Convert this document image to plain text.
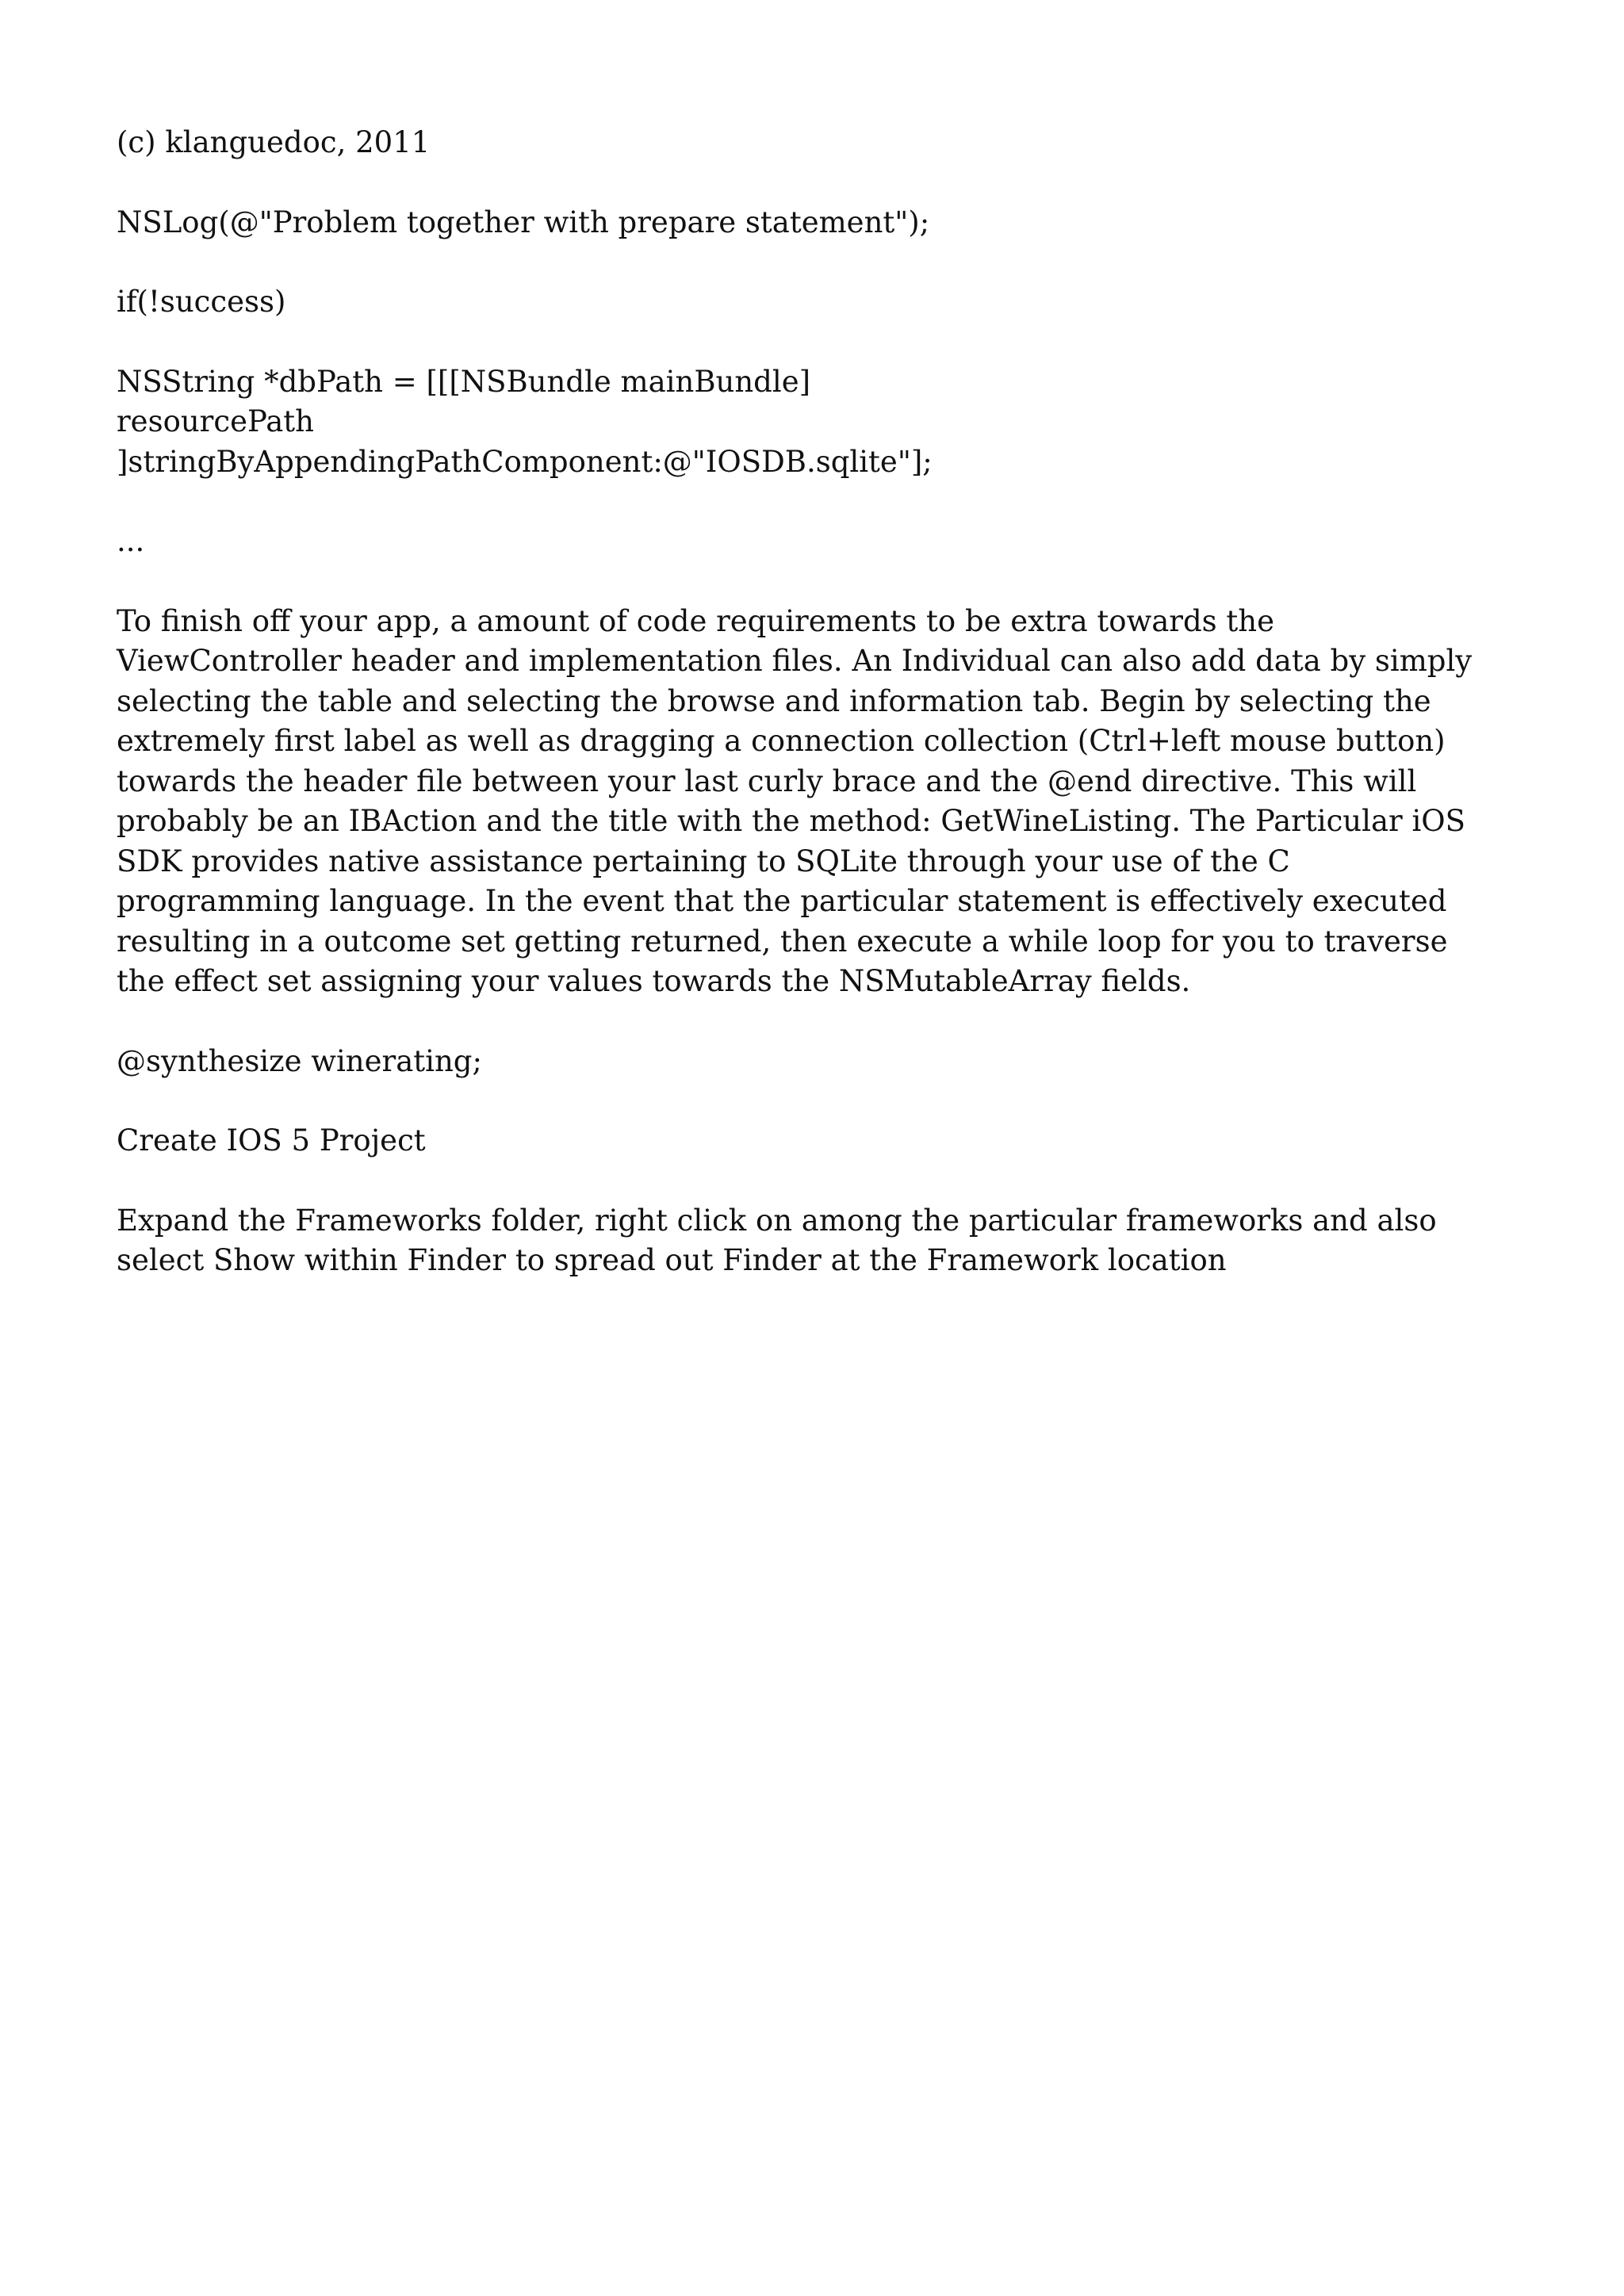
(c) klanguedoc, 2011

NSLog(@"Problem together with prepare statement");

if(!success)

NSString *dbPath = [[[NSBundle mainBundle] resourcePath ]stringByAppendingPathComponent:@"IOSDB.sqlite"];

...

To finish off your app, a amount of code requirements to be extra towards the ViewController header and implementation files. An Individual can also add data by simply selecting the table and selecting the browse and information tab. Begin by selecting the extremely first label as well as dragging a connection collection (Ctrl+left mouse button) towards the header file between your last curly brace and the @end directive. This will probably be an IBAction and the title with the method: GetWineListing. The Particular iOS SDK provides native assistance pertaining to SQLite through your use of the C programming language. In the event that the particular statement is effectively executed resulting in a outcome set getting returned, then execute a while loop for you to traverse the effect set assigning your values towards the NSMutableArray fields.

@synthesize winerating;

Create IOS 5 Project

Expand the Frameworks folder, right click on among the particular frameworks and also select Show within Finder to spread out Finder at the Framework location
